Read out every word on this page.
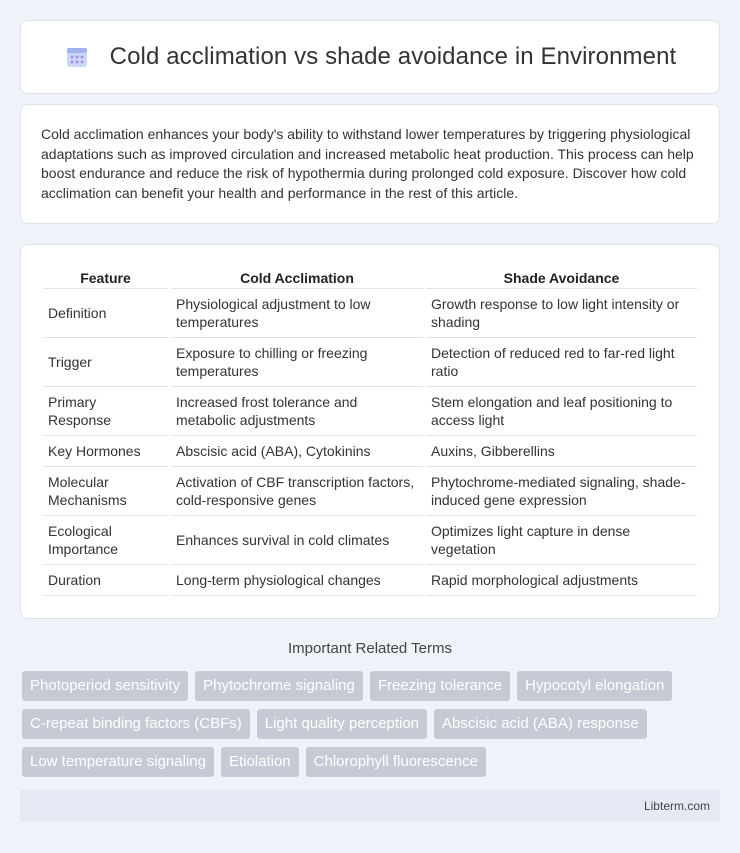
Cold acclimation vs shade avoidance in Environment

Cold acclimation enhances your body's ability to withstand lower temperatures by triggering physiological adaptations such as improved circulation and increased metabolic heat production. This process can help boost endurance and reduce the risk of hypothermia during prolonged cold exposure. Discover how cold acclimation can benefit your health and performance in the rest of this article.

Feature	Cold Acclimation	Shade Avoidance
Definition	Physiological adjustment to low temperatures	Growth response to low light intensity or shading
Trigger	Exposure to chilling or freezing temperatures	Detection of reduced red to far-red light ratio
Primary Response	Increased frost tolerance and metabolic adjustments	Stem elongation and leaf positioning to access light
Key Hormones	Abscisic acid (ABA), Cytokinins	Auxins, Gibberellins
Molecular Mechanisms	Activation of CBF transcription factors, cold-responsive genes	Phytochrome-mediated signaling, shade-induced gene expression
Ecological Importance	Enhances survival in cold climates	Optimizes light capture in dense vegetation
Duration	Long-term physiological changes	Rapid morphological adjustments
Important Related Terms
Photoperiod sensitivity	Phytochrome signaling	Freezing tolerance	Hypocotyl elongation
C-repeat binding factors (CBFs)	Light quality perception	Abscisic acid (ABA) response
Low temperature signaling	Etiolation	Chlorophyll fluorescence
Libterm.com
